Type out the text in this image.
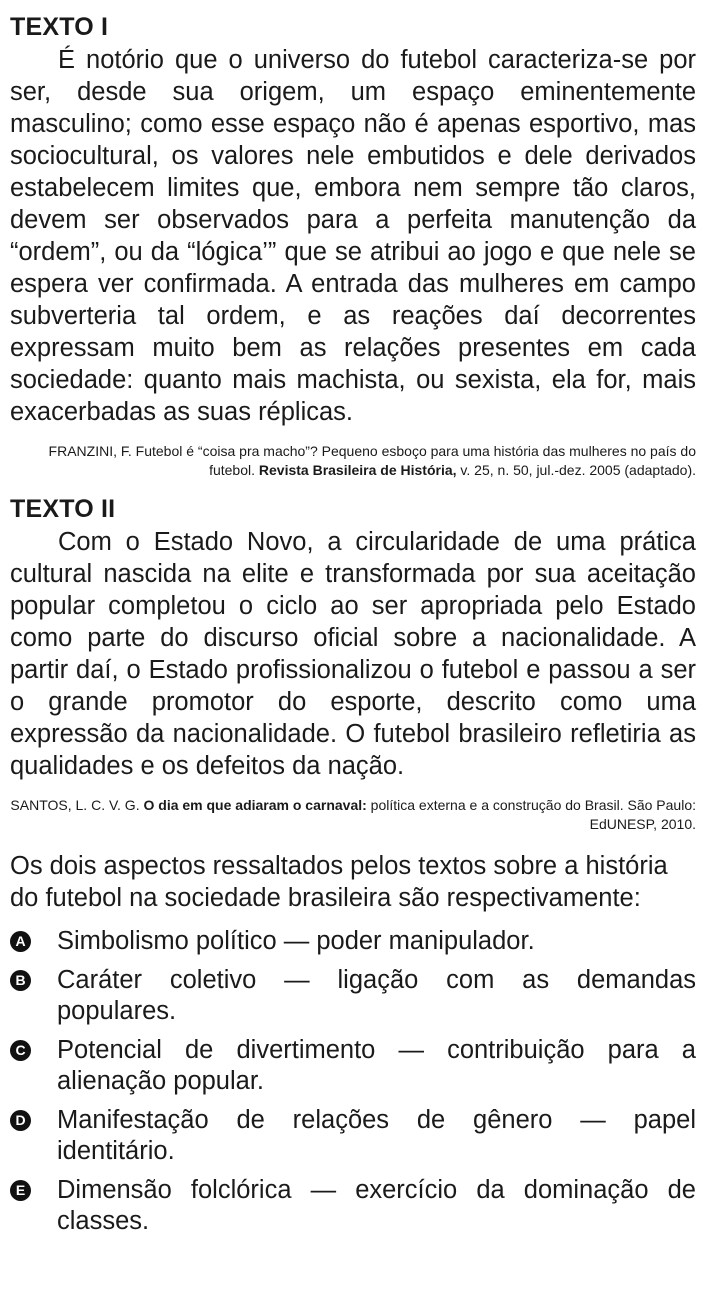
TEXTO I

É notório que o universo do futebol caracteriza-se por ser, desde sua origem, um espaço eminentemente masculino; como esse espaço não é apenas esportivo, mas sociocultural, os valores nele embutidos e dele derivados estabelecem limites que, embora nem sempre tão claros, devem ser observados para a perfeita manutenção da “ordem”, ou da “lógica’” que se atribui ao jogo e que nele se espera ver confirmada. A entrada das mulheres em campo subverteria tal ordem, e as reações daí decorrentes expressam muito bem as relações presentes em cada sociedade: quanto mais machista, ou sexista, ela for, mais exacerbadas as suas réplicas.

FRANZINI, F. Futebol é “coisa pra macho”? Pequeno esboço para uma história das mulheres no país do futebol. Revista Brasileira de História, v. 25, n. 50, jul.-dez. 2005 (adaptado).

TEXTO II

Com o Estado Novo, a circularidade de uma prática cultural nascida na elite e transformada por sua aceitação popular completou o ciclo ao ser apropriada pelo Estado como parte do discurso oficial sobre a nacionalidade. A partir daí, o Estado profissionalizou o futebol e passou a ser o grande promotor do esporte, descrito como uma expressão da nacionalidade. O futebol brasileiro refletiria as qualidades e os defeitos da nação.

SANTOS, L. C. V. G. O dia em que adiaram o carnaval: política externa e a construção do Brasil. São Paulo: EdUNESP, 2010.

Os dois aspectos ressaltados pelos textos sobre a história do futebol na sociedade brasileira são respectivamente:

A Simbolismo político — poder manipulador.
B Caráter coletivo — ligação com as demandas populares.
C Potencial de divertimento — contribuição para a alienação popular.
D Manifestação de relações de gênero — papel identitário.
E Dimensão folclórica — exercício da dominação de classes.
